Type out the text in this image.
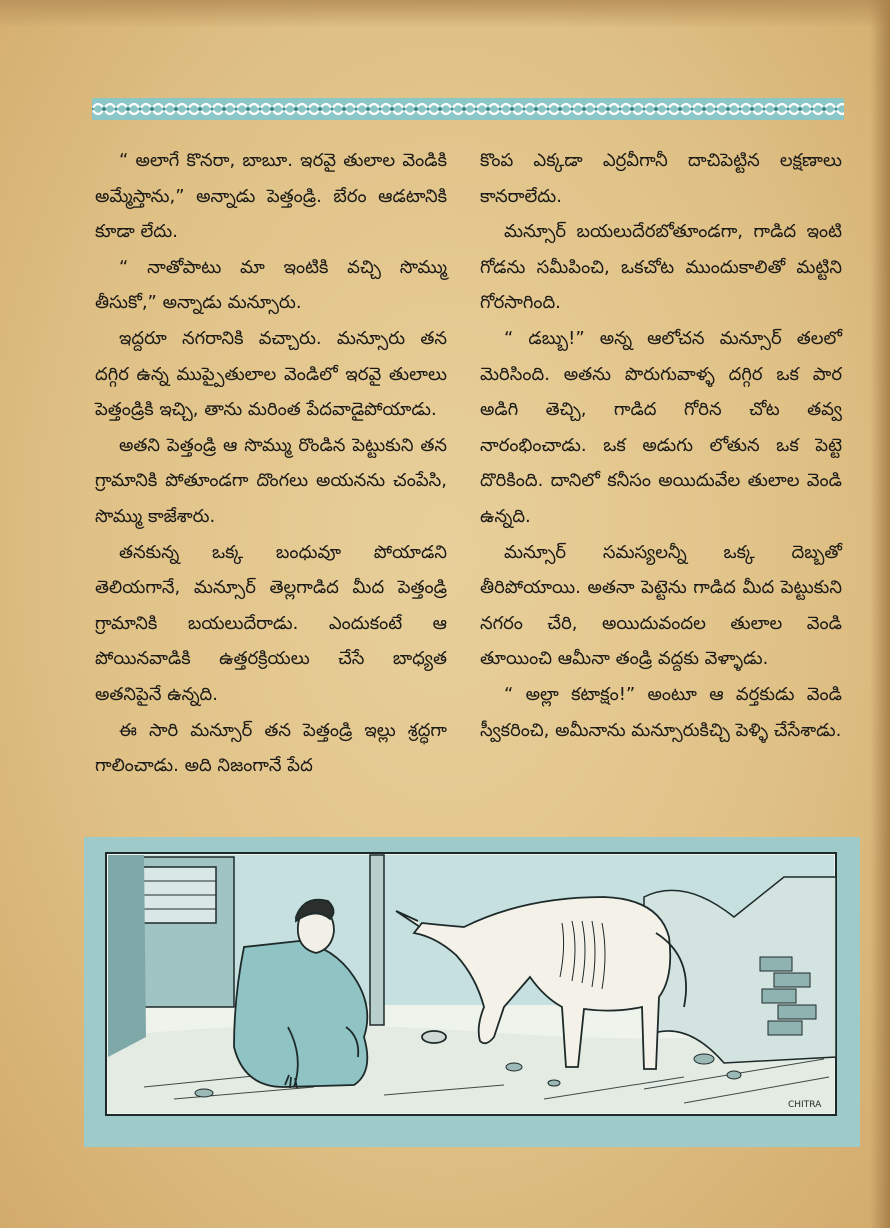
“ అలాగే కొనరా, బాబూ. ఇరవై తులాల వెండికి అమ్మేస్తాను,” అన్నాడు పెత్తండ్రి. బేరం ఆడటానికి కూడా లేదు.

“ నాతోపాటు మా ఇంటికి వచ్చి సొమ్ము తీసుకో,” అన్నాడు మన్సూరు.

ఇద్దరూ నగరానికి వచ్చారు. మన్సూరు తన దగ్గిర ఉన్న ముప్పైతులాల వెండిలో ఇరవై తులాలు పెత్తండ్రికి ఇచ్చి, తాను మరింత పేదవాడైపోయాడు.

అతని పెత్తండ్రి ఆ సొమ్ము రొండిన పెట్టుకుని తన గ్రామానికి పోతూండగా దొంగలు అయనను చంపేసి, సొమ్ము కాజేశారు.

తనకున్న ఒక్క బంధువూ పోయాడని తెలియగానే, మన్సూర్ తెల్లగాడిద మీద పెత్తండ్రి గ్రామానికి బయలుదేరాడు. ఎందుకంటే ఆ పోయినవాడికి ఉత్తరక్రియలు చేసే బాధ్యత అతనిపైనే ఉన్నది.

ఈ సారి మన్సూర్ తన పెత్తండ్రి ఇల్లు శ్రద్ధగా గాలించాడు. అది నిజంగానే పేద

కొంప ఎక్కడా ఎర్రవీగానీ దాచిపెట్టిన లక్షణాలు కానరాలేదు.

మన్సూర్ బయలుదేరబోతూండగా, గాడిద ఇంటి గోడను సమీపించి, ఒకచోట ముందుకాలితో మట్టిని గోరసాగింది.

“ డబ్బు!” అన్న ఆలోచన మన్సూర్ తలలో మెరిసింది. అతను పొరుగువాళ్ళ దగ్గిర ఒక పార అడిగి తెచ్చి, గాడిద గోరిన చోట తవ్వ నారంభించాడు. ఒక అడుగు లోతున ఒక పెట్టె దొరికింది. దానిలో కనీసం అయిదువేల తులాల వెండి ఉన్నది.

మన్సూర్ సమస్యలన్నీ ఒక్క దెబ్బతో తీరిపోయాయి. అతనా పెట్టెను గాడిద మీద పెట్టుకుని నగరం చేరి, అయిదువందల తులాల వెండి తూయించి ఆమీనా తండ్రి వద్దకు వెళ్ళాడు.

“ అల్లా కటాక్షం!” అంటూ ఆ వర్తకుడు వెండి స్వీకరించి, అమీనాను మన్సూరుకిచ్చి పెళ్ళి చేసేశాడు.

CHITRA
